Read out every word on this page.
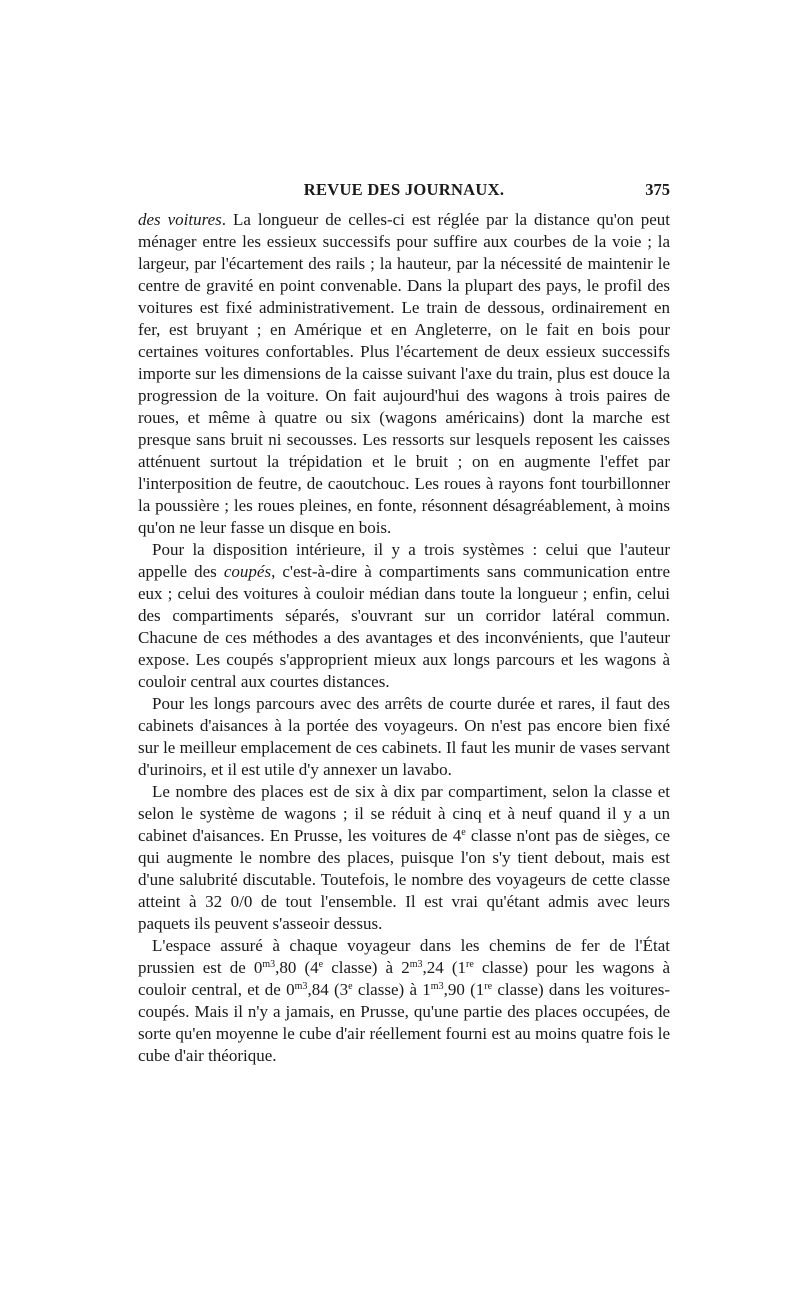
REVUE DES JOURNAUX.	375

des voitures. La longueur de celles-ci est réglée par la distance qu'on peut ménager entre les essieux successifs pour suffire aux courbes de la voie ; la largeur, par l'écartement des rails ; la hauteur, par la nécessité de maintenir le centre de gravité en point convenable. Dans la plupart des pays, le profil des voitures est fixé administrativement. Le train de dessous, ordinairement en fer, est bruyant ; en Amérique et en Angleterre, on le fait en bois pour certaines voitures confortables. Plus l'écartement de deux essieux successifs importe sur les dimensions de la caisse suivant l'axe du train, plus est douce la progression de la voiture. On fait aujourd'hui des wagons à trois paires de roues, et même à quatre ou six (wagons américains) dont la marche est presque sans bruit ni secousses. Les ressorts sur lesquels reposent les caisses atténuent surtout la trépidation et le bruit ; on en augmente l'effet par l'interposition de feutre, de caoutchouc. Les roues à rayons font tourbillonner la poussière ; les roues pleines, en fonte, résonnent désagréablement, à moins qu'on ne leur fasse un disque en bois.

Pour la disposition intérieure, il y a trois systèmes : celui que l'auteur appelle des coupés, c'est-à-dire à compartiments sans communication entre eux ; celui des voitures à couloir médian dans toute la longueur ; enfin, celui des compartiments séparés, s'ouvrant sur un corridor latéral commun. Chacune de ces méthodes a des avantages et des inconvénients, que l'auteur expose. Les coupés s'approprient mieux aux longs parcours et les wagons à couloir central aux courtes distances.

Pour les longs parcours avec des arrêts de courte durée et rares, il faut des cabinets d'aisances à la portée des voyageurs. On n'est pas encore bien fixé sur le meilleur emplacement de ces cabinets. Il faut les munir de vases servant d'urinoirs, et il est utile d'y annexer un lavabo.

Le nombre des places est de six à dix par compartiment, selon la classe et selon le système de wagons ; il se réduit à cinq et à neuf quand il y a un cabinet d'aisances. En Prusse, les voitures de 4e classe n'ont pas de sièges, ce qui augmente le nombre des places, puisque l'on s'y tient debout, mais est d'une salubrité discutable. Toutefois, le nombre des voyageurs de cette classe atteint à 32 0/0 de tout l'ensemble. Il est vrai qu'étant admis avec leurs paquets ils peuvent s'asseoir dessus.

L'espace assuré à chaque voyageur dans les chemins de fer de l'État prussien est de $0^{m3},80$ (4e classe) à $2^{m3},24$ (1re classe) pour les wagons à couloir central, et de $0^{m3},84$ (3e classe) à $1^{m3},90$ (1re classe) dans les voitures-coupés. Mais il n'y a jamais, en Prusse, qu'une partie des places occupées, de sorte qu'en moyenne le cube d'air réellement fourni est au moins quatre fois le cube d'air théorique.
